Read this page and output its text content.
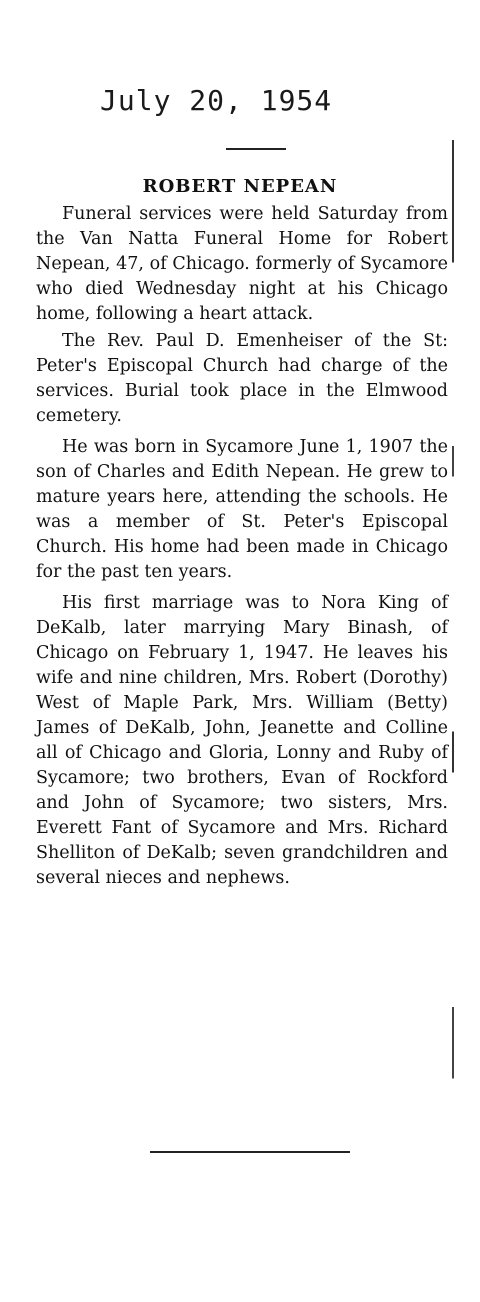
July 20, 1954
ROBERT NEPEAN

Funeral services were held Saturday from the Van Natta Funeral Home for Robert Nepean, 47, of Chicago. formerly of Sycamore who died Wednesday night at his Chicago home, following a heart attack.

The Rev. Paul D. Emenheiser of the St: Peter's Episcopal Church had charge of the services. Burial took place in the Elmwood cemetery.

He was born in Sycamore June 1, 1907 the son of Charles and Edith Nepean. He grew to mature years here, attending the schools. He was a member of St. Peter's Episcopal Church. His home had been made in Chicago for the past ten years.

His first marriage was to Nora King of DeKalb, later marrying Mary Binash, of Chicago on February 1, 1947. He leaves his wife and nine children, Mrs. Robert (Dorothy) West of Maple Park, Mrs. William (Betty) James of DeKalb, John, Jeanette and Colline all of Chicago and Gloria, Lonny and Ruby of Sycamore; two brothers, Evan of Rockford and John of Sycamore; two sisters, Mrs. Everett Fant of Sycamore and Mrs. Richard Shelliton of DeKalb; seven grandchildren and several nieces and nephews.
